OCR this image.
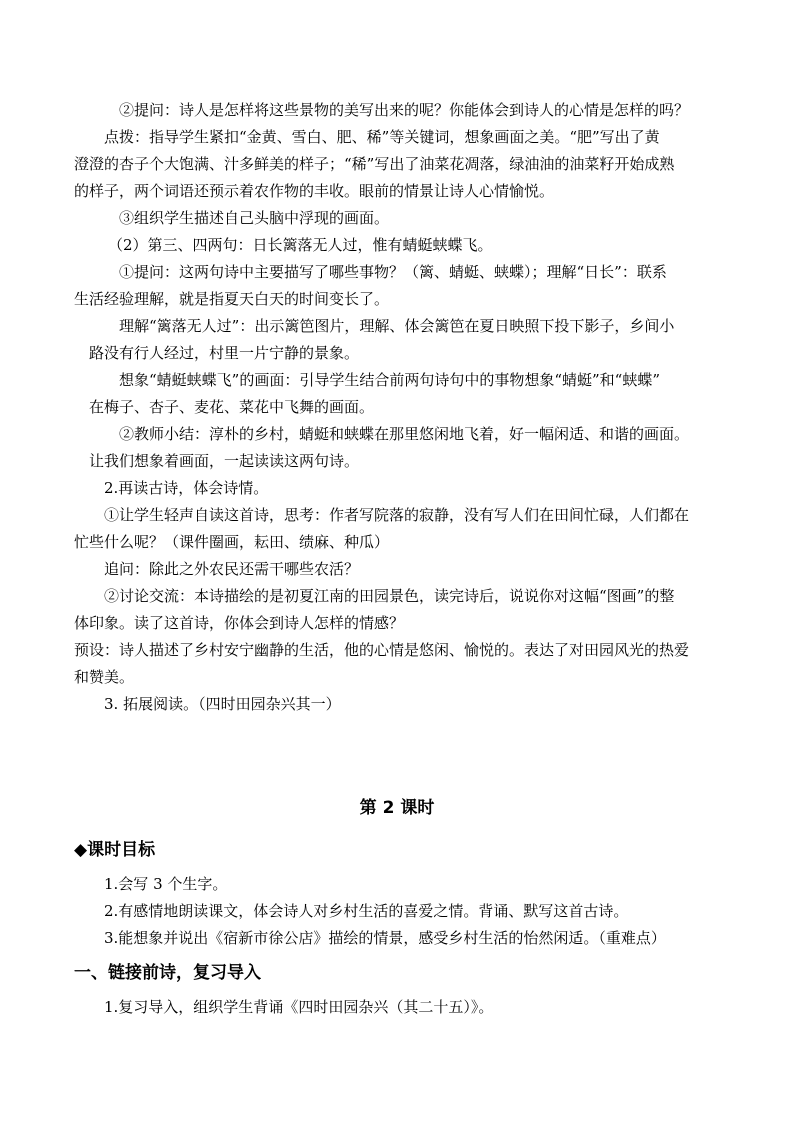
②提问：诗人是怎样将这些景物的美写出来的呢？你能体会到诗人的心情是怎样的吗？
点拨：指导学生紧扣“金黄、雪白、肥、稀”等关键词，想象画面之美。“肥”写出了黄
澄澄的杏子个大饱满、汁多鲜美的样子；“稀”写出了油菜花凋落，绿油油的油菜籽开始成熟
的样子，两个词语还预示着农作物的丰收。眼前的情景让诗人心情愉悦。
③组织学生描述自己头脑中浮现的画面。
（2）第三、四两句：日长篱落无人过，惟有蜻蜓蛱蝶飞。
①提问：这两句诗中主要描写了哪些事物？（篱、蜻蜓、蛱蝶）；理解“日长”：联系
生活经验理解，就是指夏天白天的时间变长了。
理解“篱落无人过”：出示篱笆图片，理解、体会篱笆在夏日映照下投下影子，乡间小
路没有行人经过，村里一片宁静的景象。
想象“蜻蜓蛱蝶飞”的画面：引导学生结合前两句诗句中的事物想象“蜻蜓”和“蛱蝶”
在梅子、杏子、麦花、菜花中飞舞的画面。
②教师小结：淳朴的乡村，蜻蜓和蛱蝶在那里悠闲地飞着，好一幅闲适、和谐的画面。
让我们想象着画面，一起读读这两句诗。
2.再读古诗，体会诗情。
①让学生轻声自读这首诗，思考：作者写院落的寂静，没有写人们在田间忙碌，人们都在
忙些什么呢？（课件圈画，耘田、绩麻、种瓜）
追问：除此之外农民还需干哪些农活？
②讨论交流：本诗描绘的是初夏江南的田园景色，读完诗后，说说你对这幅“图画”的整
体印象。读了这首诗，你体会到诗人怎样的情感？
预设：诗人描述了乡村安宁幽静的生活，他的心情是悠闲、愉悦的。表达了对田园风光的热爱
和赞美。
3. 拓展阅读。（四时田园杂兴其一）
第 2 课时
◆课时目标
1.会写 3 个生字。
2.有感情地朗读课文，体会诗人对乡村生活的喜爱之情。背诵、默写这首古诗。
3.能想象并说出《宿新市徐公店》描绘的情景，感受乡村生活的怡然闲适。（重难点）
一、链接前诗，复习导入
1.复习导入，组织学生背诵《四时田园杂兴（其二十五）》。
